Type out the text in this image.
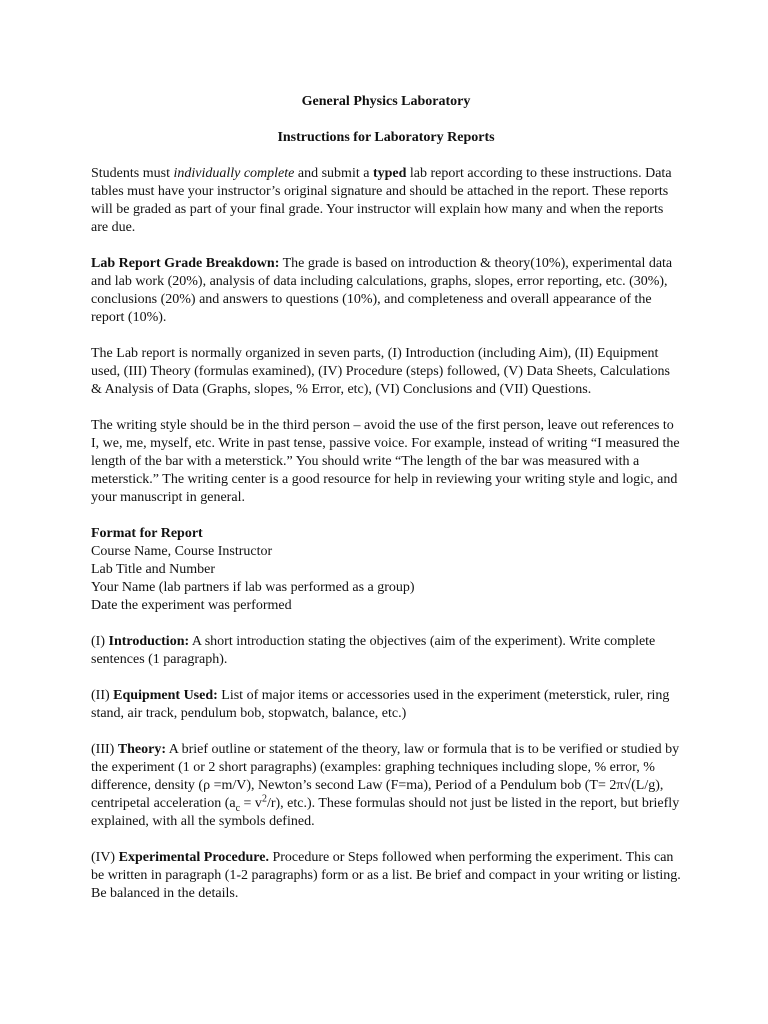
General Physics Laboratory
Instructions for Laboratory Reports

Students must individually complete and submit a typed lab report according to these instructions. Data tables must have your instructor’s original signature and should be attached in the report. These reports will be graded as part of your final grade. Your instructor will explain how many and when the reports are due.

Lab Report Grade Breakdown: The grade is based on introduction & theory(10%), experimental data and lab work (20%), analysis of data including calculations, graphs, slopes, error reporting, etc. (30%), conclusions (20%) and answers to questions (10%), and completeness and overall appearance of the report (10%).

The Lab report is normally organized in seven parts, (I) Introduction (including Aim), (II) Equipment used, (III) Theory (formulas examined), (IV) Procedure (steps) followed, (V) Data Sheets, Calculations & Analysis of Data (Graphs, slopes, % Error, etc), (VI) Conclusions and (VII) Questions.

The writing style should be in the third person – avoid the use of the first person, leave out references to I, we, me, myself, etc. Write in past tense, passive voice. For example, instead of writing “I measured the length of the bar with a meterstick.” You should write “The length of the bar was measured with a meterstick.” The writing center is a good resource for help in reviewing your writing style and logic, and your manuscript in general.

Format for Report
Course Name, Course Instructor
Lab Title and Number
Your Name (lab partners if lab was performed as a group)
Date the experiment was performed

(I) Introduction: A short introduction stating the objectives (aim of the experiment). Write complete sentences (1 paragraph).

(II) Equipment Used: List of major items or accessories used in the experiment (meterstick, ruler, ring stand, air track, pendulum bob, stopwatch, balance, etc.)

(III) Theory: A brief outline or statement of the theory, law or formula that is to be verified or studied by the experiment (1 or 2 short paragraphs) (examples: graphing techniques including slope, % error, % difference, density (ρ =m/V), Newton’s second Law (F=ma), Period of a Pendulum bob (T= 2π√(L/g), centripetal acceleration $(a_c = v^2/r)$, etc.). These formulas should not just be listed in the report, but briefly explained, with all the symbols defined.

(IV) Experimental Procedure. Procedure or Steps followed when performing the experiment. This can be written in paragraph (1-2 paragraphs) form or as a list. Be brief and compact in your writing or listing. Be balanced in the details.
